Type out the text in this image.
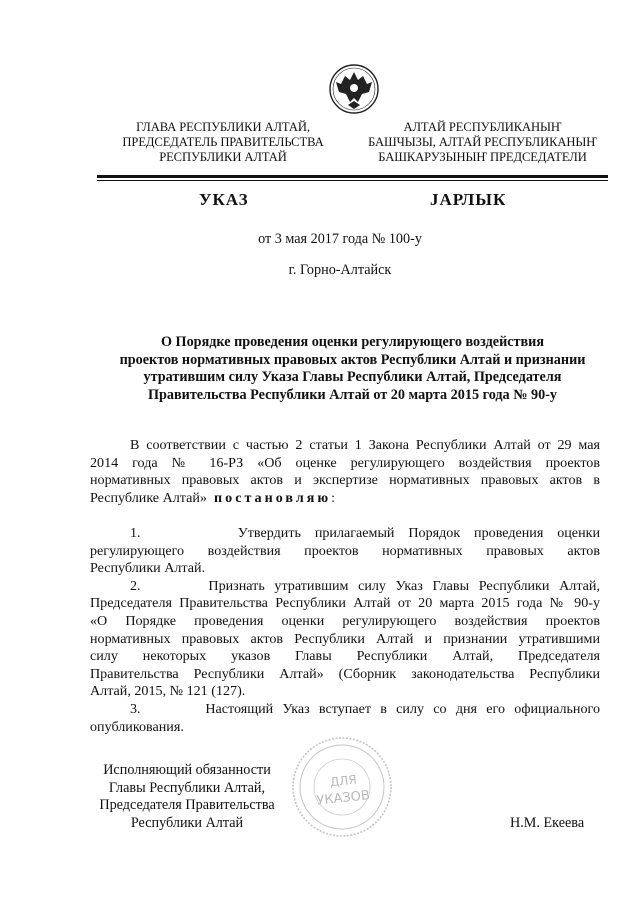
ГЛАВА РЕСПУБЛИКИ АЛТАЙ,
ПРЕДСЕДАТЕЛЬ ПРАВИТЕЛЬСТВА
РЕСПУБЛИКИ АЛТАЙ
АЛТАЙ РЕСПУБЛИКАНЫҤ
БАШЧЫЗЫ, АЛТАЙ РЕСПУБЛИКАНЫҤ
БАШКАРУЗЫНЫҤ ПРЕДСЕДАТЕЛИ
УКАЗ	ЈАРЛЫК
от 3 мая 2017 года № 100-у
г. Горно-Алтайск
О Порядке проведения оценки регулирующего воздействия
проектов нормативных правовых актов Республики Алтай и признании
утратившим силу Указа Главы Республики Алтай, Председателя
Правительства Республики Алтай от 20 марта 2015 года № 90-у

В соответствии с частью 2 статьи 1 Закона Республики Алтай от 29 мая
2014 года № 16-РЗ «Об оценке регулирующего воздействия проектов
нормативных правовых актов и экспертизе нормативных правовых актов в
Республике Алтай» постановляю:

1.       Утвердить прилагаемый Порядок проведения оценки
регулирующего воздействия проектов нормативных правовых актов
Республики Алтай.

2.       Признать утратившим силу Указ Главы Республики Алтай,
Председателя Правительства Республики Алтай от 20 марта 2015 года № 90-у
«О Порядке проведения оценки регулирующего воздействия проектов
нормативных правовых актов Республики Алтай и признании утратившими
силу некоторых указов Главы Республики Алтай, Председателя
Правительства Республики Алтай» (Сборник законодательства Республики
Алтай, 2015, № 121 (127).

3.       Настоящий Указ вступает в силу со дня его официального
опубликования.

ДЛЯ
УКАЗОВ
Исполняющий обязанности
Главы Республики Алтай,
Председателя Правительства
Республики Алтай	Н.М. Екеева
